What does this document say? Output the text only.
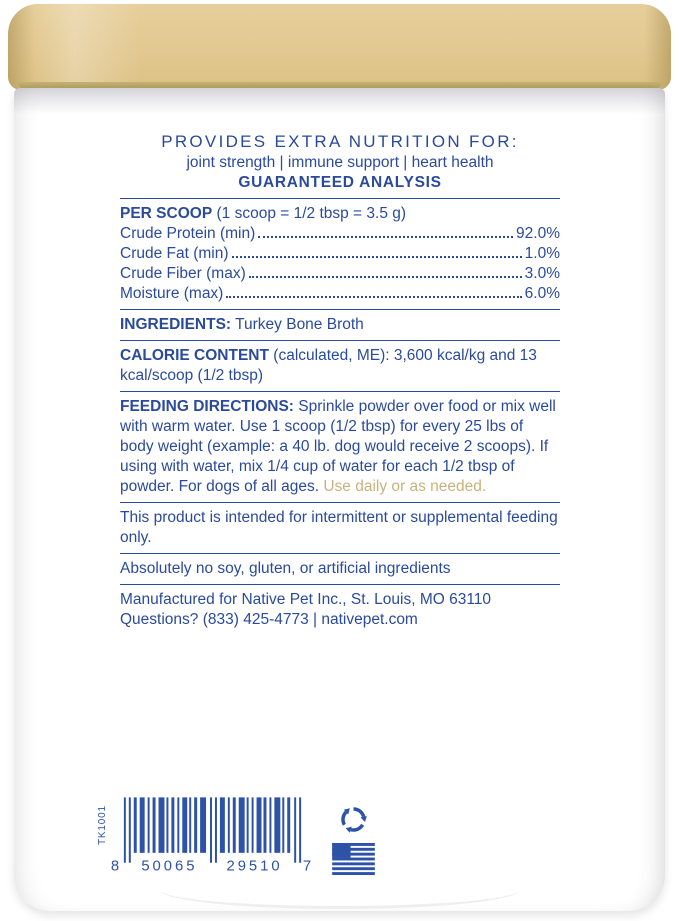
PROVIDES EXTRA NUTRITION FOR:

joint strength | immune support | heart health

GUARANTEED ANALYSIS

PER SCOOP (1 scoop = 1/2 tbsp = 3.5 g)

Crude Protein (min)	92.0%
Crude Fat (min)	1.0%
Crude Fiber (max)	3.0%
Moisture (max)	6.0%

INGREDIENTS: Turkey Bone Broth

CALORIE CONTENT (calculated, ME): 3,600 kcal/kg and 13 kcal/scoop (1/2 tbsp)

FEEDING DIRECTIONS: Sprinkle powder over food or mix well with warm water. Use 1 scoop (1/2 tbsp) for every 25 lbs of body weight (example: a 40 lb. dog would receive 2 scoops). If using with water, mix 1/4 cup of water for each 1/2 tbsp of powder. For dogs of all ages. Use daily or as needed.

This product is intended for intermittent or supplemental feeding only.

Absolutely no soy, gluten, or artificial ingredients

Manufactured for Native Pet Inc., St. Louis, MO 63110

Questions? (833) 425-4773 | nativepet.com

TK1001
8 50065 29510 7
